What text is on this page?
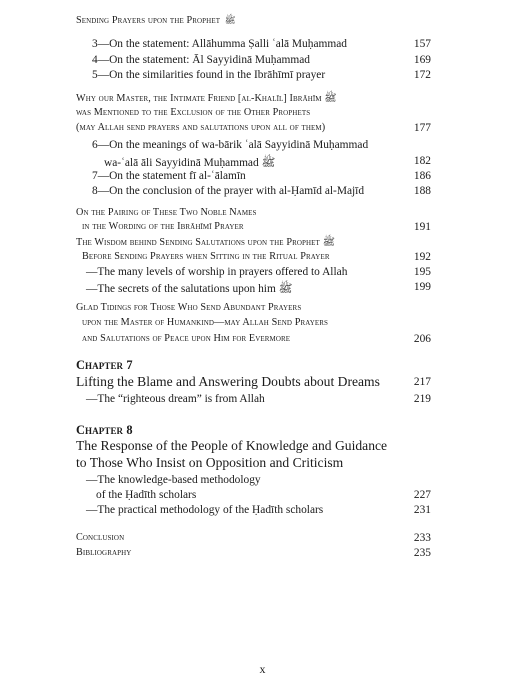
Sending Prayers upon the Prophet ﷺ
3—On the statement: Allāhumma Ṣalli ʿalā Muḥammad	157
4—On the statement: Āl Sayyidinā Muḥammad	169
5—On the similarities found in the Ibrāhīmī prayer	172
Why our Master, the Intimate Friend [al-Khalīl] Ibrāhīm ﷺ
was Mentioned to the Exclusion of the Other Prophets
(may Allah send prayers and salutations upon all of them)	177
6—On the meanings of wa-bārik ʿalā Sayyidinā Muḥammad
wa-ʿalā āli Sayyidinā Muḥammad ﷺ	182
7—On the statement fī al-ʿālamīn	186
8—On the conclusion of the prayer with al-Ḥamīd al-Majīd	188
On the Pairing of These Two Noble Names
in the Wording of the Ibrāhīmī Prayer	191
The Wisdom behind Sending Salutations upon the Prophet ﷺ
Before Sending Prayers when Sitting in the Ritual Prayer	192
—The many levels of worship in prayers offered to Allah	195
—The secrets of the salutations upon him ﷺ	199
Glad Tidings for Those Who Send Abundant Prayers
upon the Master of Humankind—may Allah Send Prayers
and Salutations of Peace upon Him for Evermore	206
Chapter 7
Lifting the Blame and Answering Doubts about Dreams	217
—The “righteous dream” is from Allah	219
Chapter 8
The Response of the People of Knowledge and Guidance
to Those Who Insist on Opposition and Criticism
—The knowledge-based methodology
of the Ḥadīth scholars	227
—The practical methodology of the Ḥadīth scholars	231
Conclusion	233
Bibliography	235
x
